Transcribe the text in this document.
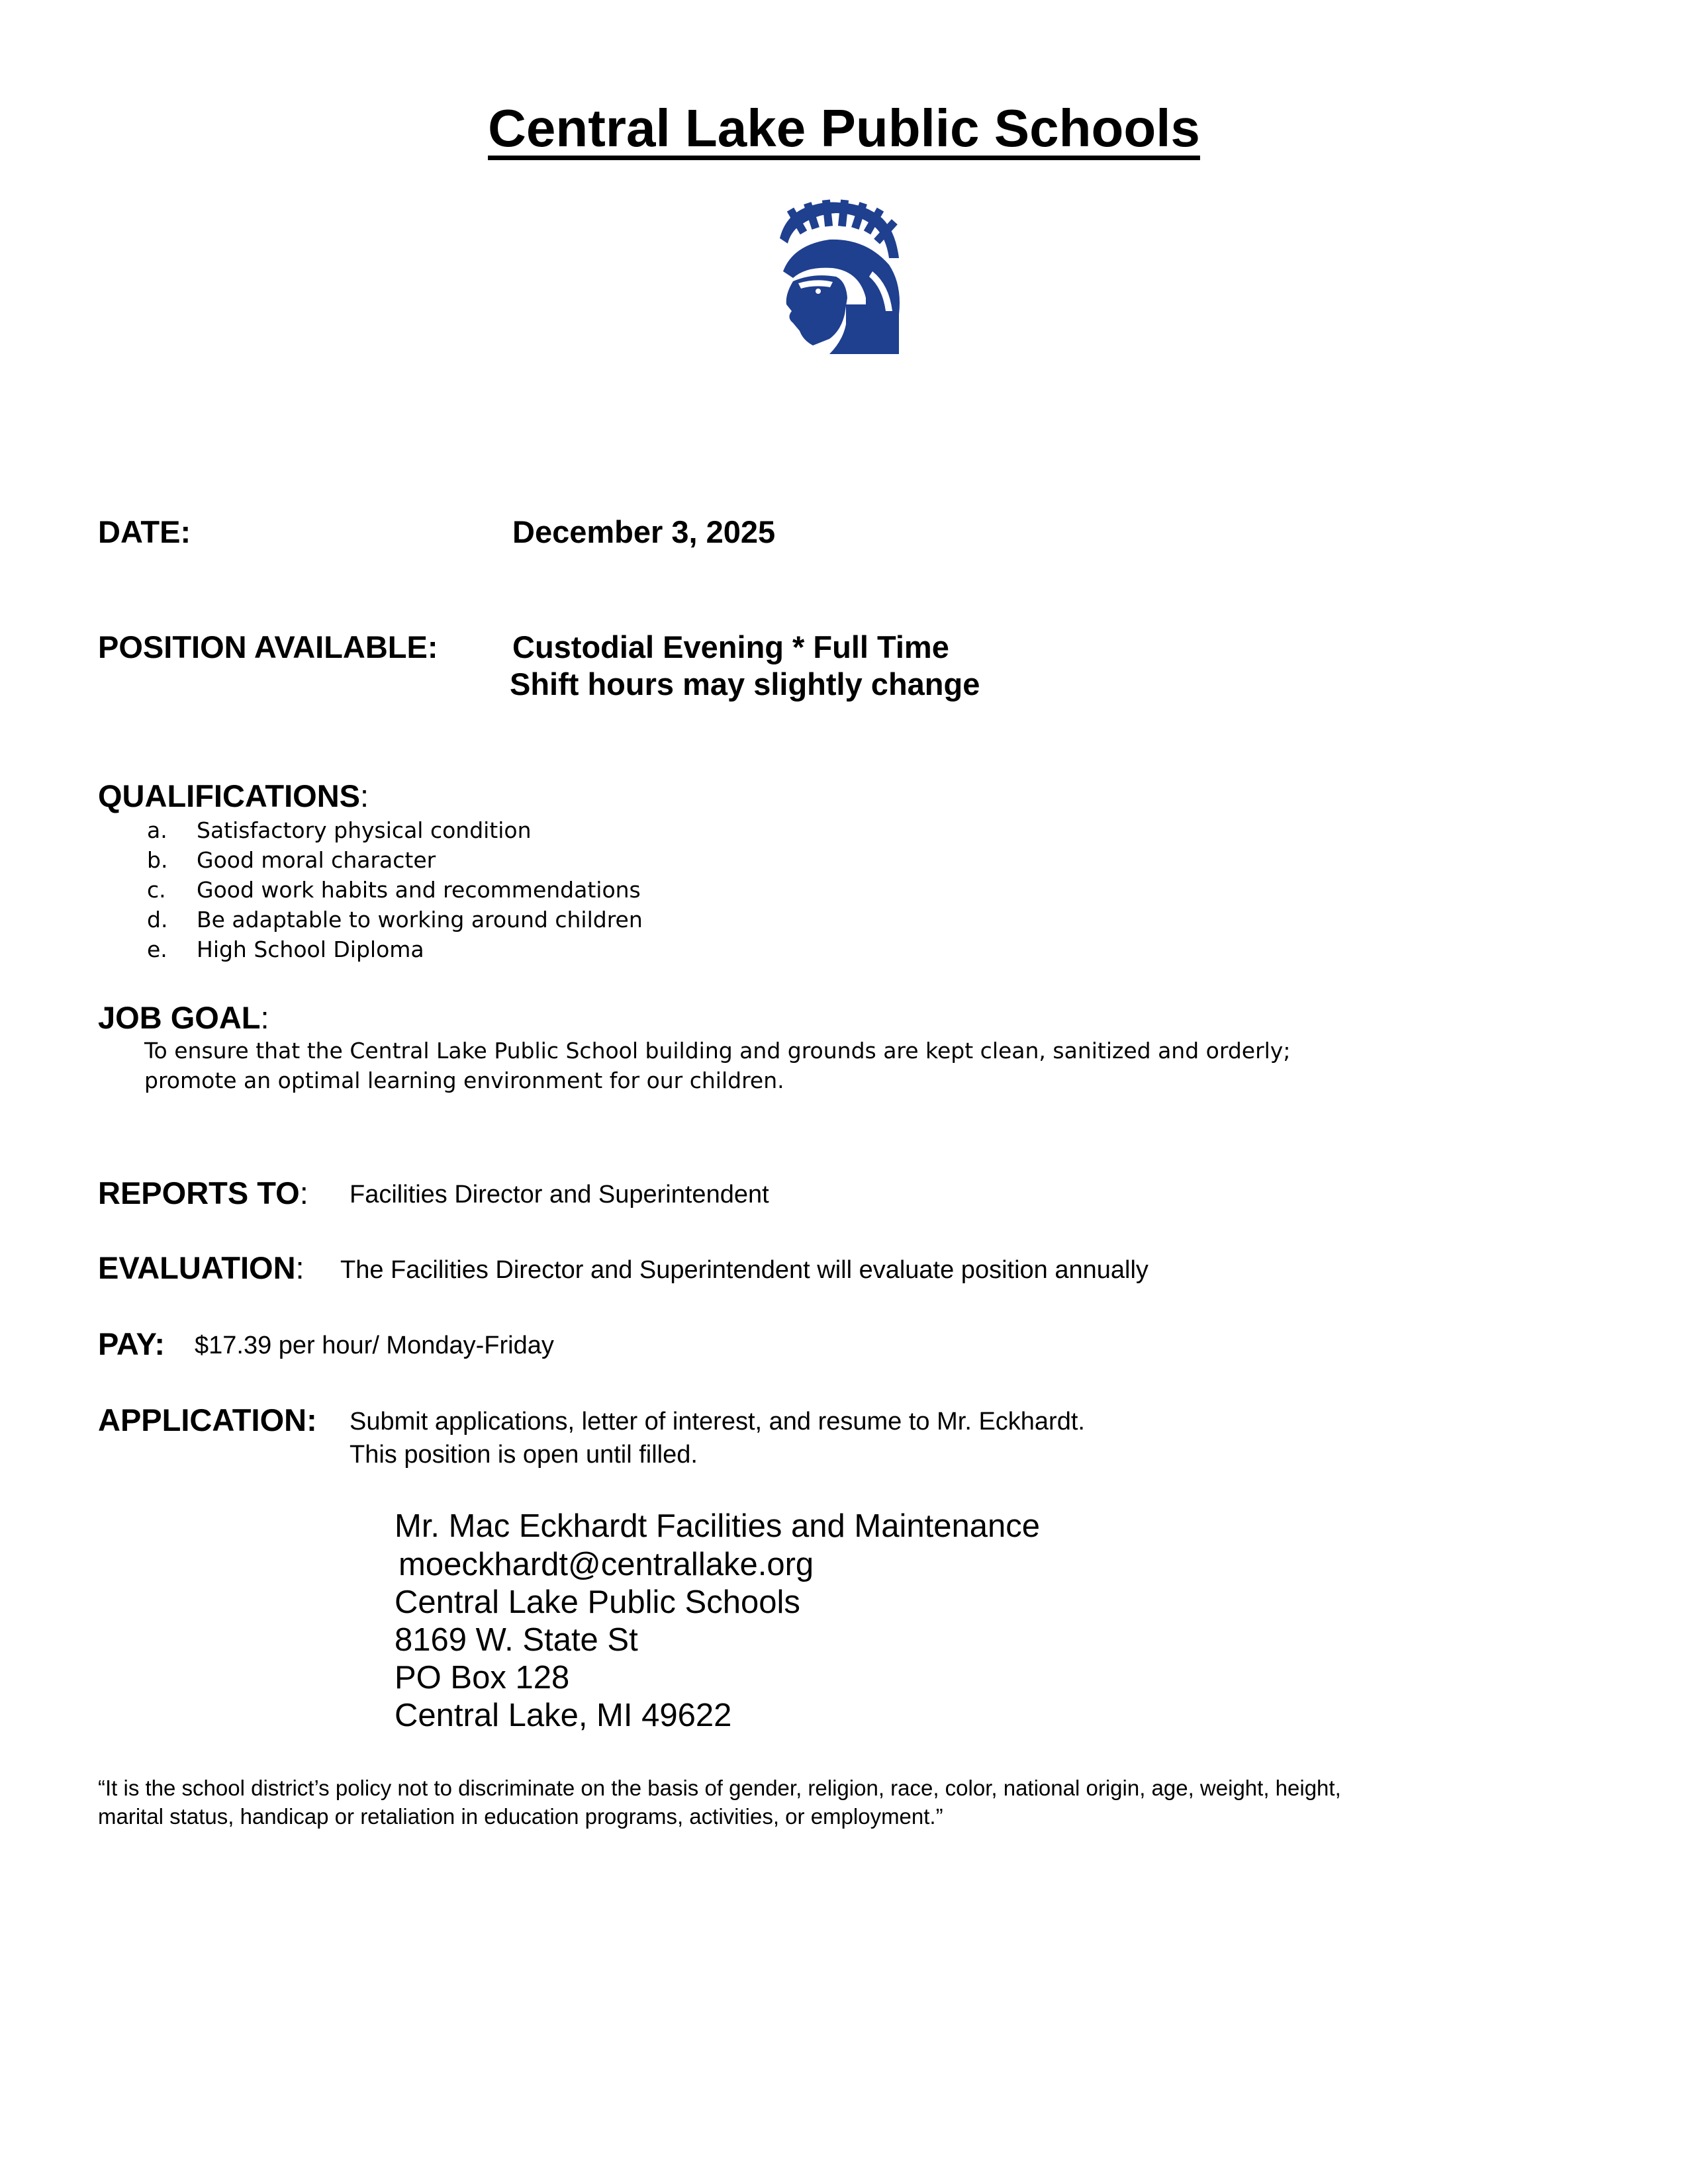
Central Lake Public Schools
DATE:	December 3, 2025
POSITION AVAILABLE: Custodial Evening * Full Time
Shift hours may slightly change
QUALIFICATIONS:
a. Satisfactory physical condition
b. Good moral character
c. Good work habits and recommendations
d. Be adaptable to working around children
e. High School Diploma
JOB GOAL:
To ensure that the Central Lake Public School building and grounds are kept clean, sanitized and orderly;
promote an optimal learning environment for our children.
REPORTS TO: Facilities Director and Superintendent
EVALUATION: The Facilities Director and Superintendent will evaluate position annually
PAY: $17.39 per hour/ Monday-Friday
APPLICATION: Submit applications, letter of interest, and resume to Mr. Eckhardt.
This position is open until filled.
Mr. Mac Eckhardt Facilities and Maintenance
moeckhardt@centrallake.org
Central Lake Public Schools
8169 W. State St
PO Box 128
Central Lake, MI 49622
“It is the school district’s policy not to discriminate on the basis of gender, religion, race, color, national origin, age, weight, height,
marital status, handicap or retaliation in education programs, activities, or employment.”
